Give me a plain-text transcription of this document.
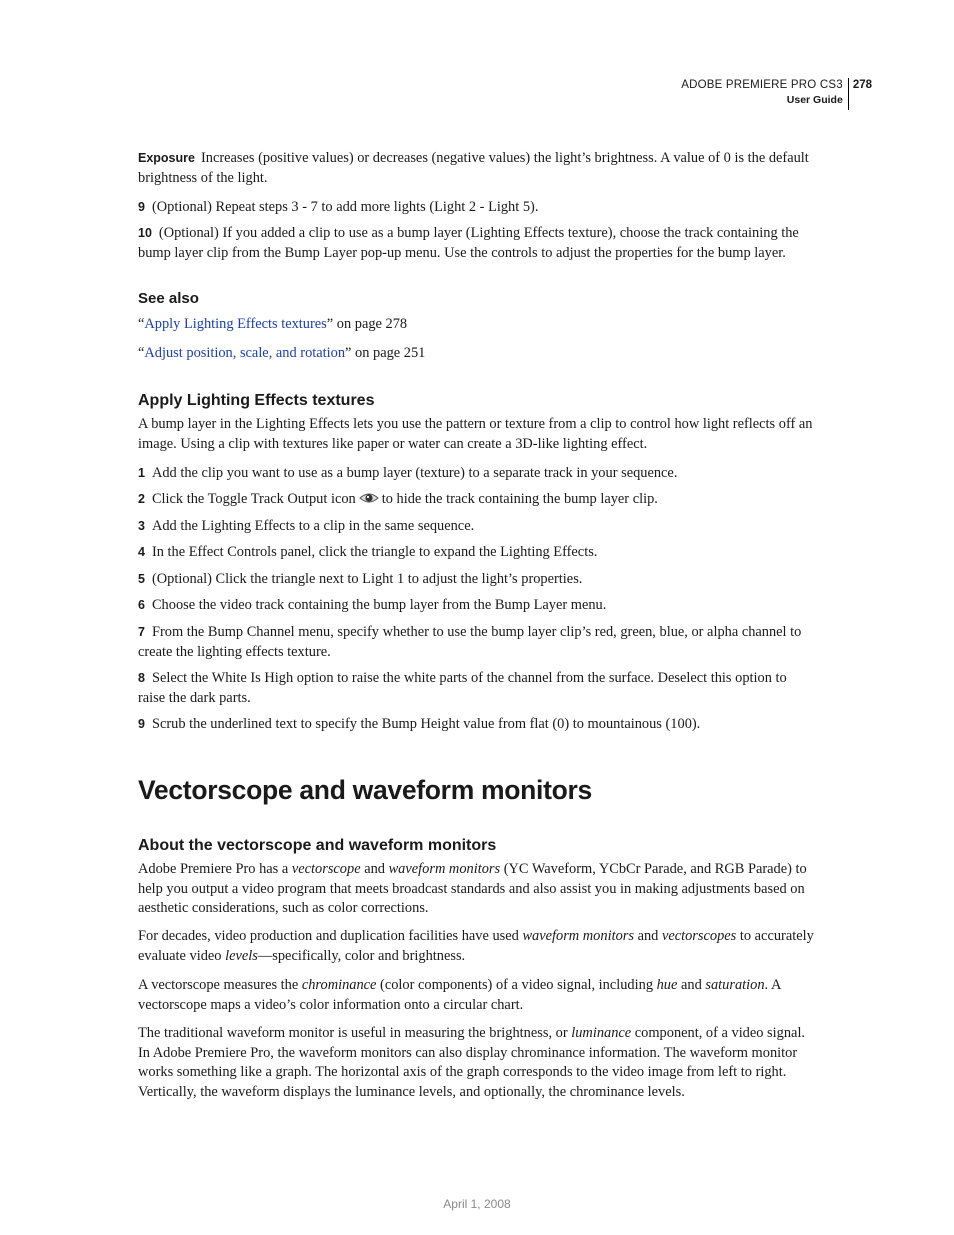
ADOBE PREMIERE PRO CS3
User Guide
278

Exposure Increases (positive values) or decreases (negative values) the light’s brightness. A value of 0 is the default brightness of the light.

9 (Optional) Repeat steps 3 - 7 to add more lights (Light 2 - Light 5).

10 (Optional) If you added a clip to use as a bump layer (Lighting Effects texture), choose the track containing the bump layer clip from the Bump Layer pop-up menu. Use the controls to adjust the properties for the bump layer.

See also

“Apply Lighting Effects textures” on page 278

“Adjust position, scale, and rotation” on page 251

Apply Lighting Effects textures

A bump layer in the Lighting Effects lets you use the pattern or texture from a clip to control how light reflects off an image. Using a clip with textures like paper or water can create a 3D-like lighting effect.

1 Add the clip you want to use as a bump layer (texture) to a separate track in your sequence.

2 Click the Toggle Track Output icon to hide the track containing the bump layer clip.

3 Add the Lighting Effects to a clip in the same sequence.

4 In the Effect Controls panel, click the triangle to expand the Lighting Effects.

5 (Optional) Click the triangle next to Light 1 to adjust the light’s properties.

6 Choose the video track containing the bump layer from the Bump Layer menu.

7 From the Bump Channel menu, specify whether to use the bump layer clip’s red, green, blue, or alpha channel to create the lighting effects texture.

8 Select the White Is High option to raise the white parts of the channel from the surface. Deselect this option to raise the dark parts.

9 Scrub the underlined text to specify the Bump Height value from flat (0) to mountainous (100).

Vectorscope and waveform monitors
About the vectorscope and waveform monitors

Adobe Premiere Pro has a vectorscope and waveform monitors (YC Waveform, YCbCr Parade, and RGB Parade) to help you output a video program that meets broadcast standards and also assist you in making adjustments based on aesthetic considerations, such as color corrections.

For decades, video production and duplication facilities have used waveform monitors and vectorscopes to accurately evaluate video levels—specifically, color and brightness.

A vectorscope measures the chrominance (color components) of a video signal, including hue and saturation. A vectorscope maps a video’s color information onto a circular chart.

The traditional waveform monitor is useful in measuring the brightness, or luminance component, of a video signal. In Adobe Premiere Pro, the waveform monitors can also display chrominance information. The waveform monitor works something like a graph. The horizontal axis of the graph corresponds to the video image from left to right. Vertically, the waveform displays the luminance levels, and optionally, the chrominance levels.

April 1, 2008
